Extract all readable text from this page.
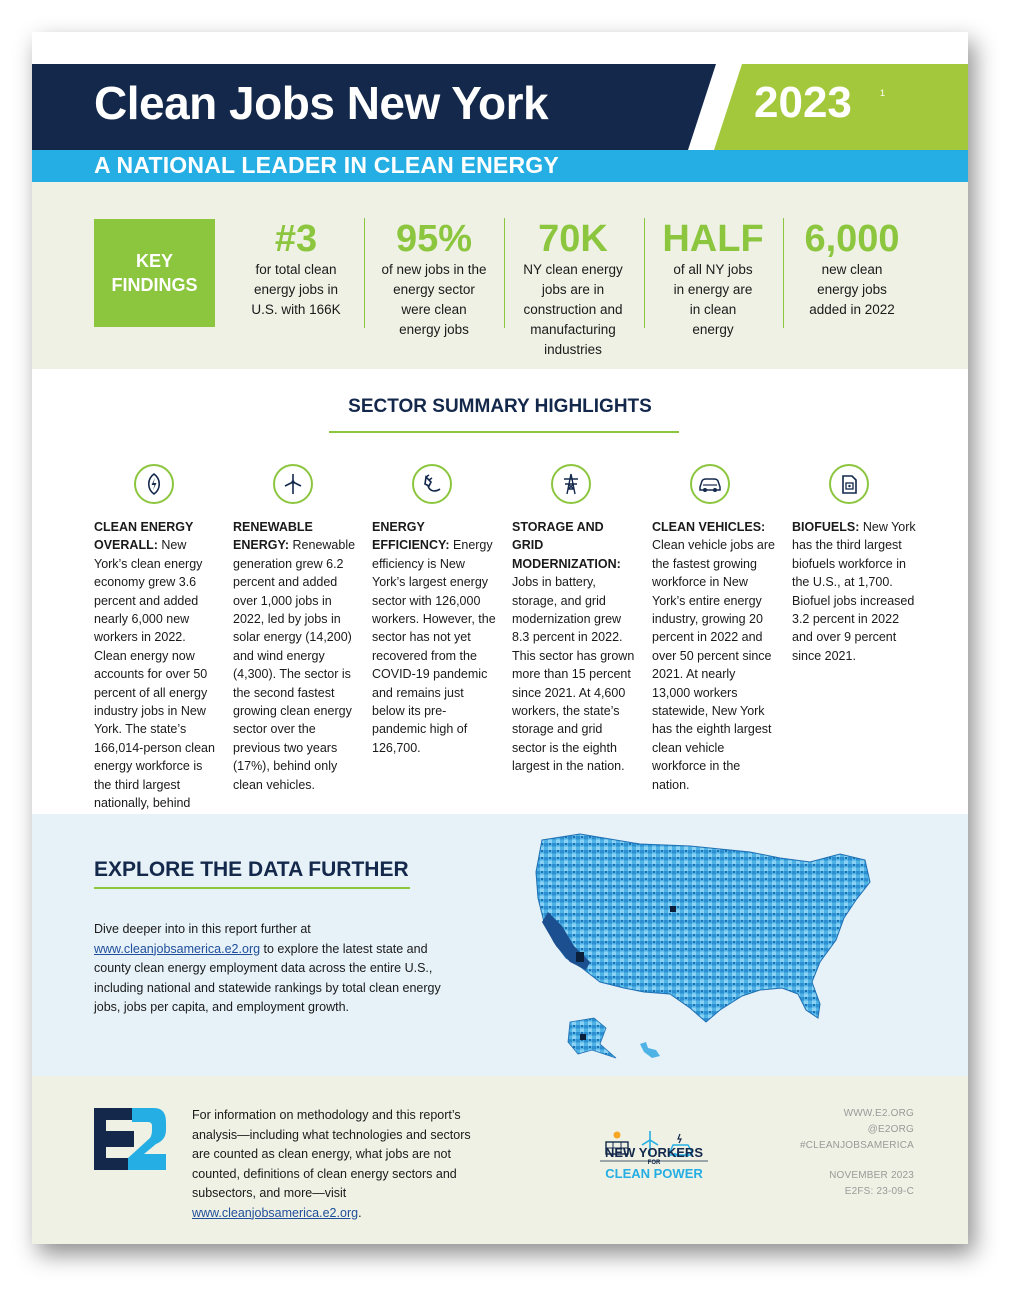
Clean Jobs New York	2023	1
A NATIONAL LEADER IN CLEAN ENERGY
KEY
FINDINGS
#3
for total clean energy jobs in U.S. with 166K
95%
of new jobs in the energy sector were clean energy jobs
70K
NY clean energy jobs are in construction and manufacturing industries
HALF
of all NY jobs in energy are in clean energy
6,000
new clean energy jobs added in 2022
SECTOR SUMMARY HIGHLIGHTS
CLEAN ENERGY OVERALL: New York’s clean energy economy grew 3.6 percent and added nearly 6,000 new workers in 2022. Clean energy now accounts for over 50 percent of all energy industry jobs in New York. The state’s 166,014-person clean energy workforce is the third largest nationally, behind
RENEWABLE ENERGY: Renewable generation grew 6.2 percent and added over 1,000 jobs in 2022, led by jobs in solar energy (14,200) and wind energy (4,300). The sector is the second fastest growing clean energy sector over the previous two years (17%), behind only clean vehicles.
ENERGY EFFICIENCY: Energy efficiency is New York’s largest energy sector with 126,000 workers. However, the sector has not yet recovered from the COVID-19 pandemic and remains just below its pre-pandemic high of 126,700.
STORAGE AND GRID MODERNIZATION: Jobs in battery, storage, and grid modernization grew 8.3 percent in 2022. This sector has grown more than 15 percent since 2021. At 4,600 workers, the state’s storage and grid sector is the eighth largest in the nation.
CLEAN VEHICLES: Clean vehicle jobs are the fastest growing workforce in New York’s entire energy industry, growing 20 percent in 2022 and over 50 percent since 2021. At nearly 13,000 workers statewide, New York has the eighth largest clean vehicle workforce in the nation.
BIOFUELS: New York has the third largest biofuels workforce in the U.S., at 1,700. Biofuel jobs increased 3.2 percent in 2022 and over 9 percent since 2021.
EXPLORE THE DATA FURTHER
Dive deeper into in this report further at www.cleanjobsamerica.e2.org to explore the latest state and county clean energy employment data across the entire U.S., including national and statewide rankings by total clean energy jobs, jobs per capita, and employment growth.
For information on methodology and this report’s analysis—including what technologies and sectors are counted as clean energy, what jobs are not counted, definitions of clean energy sectors and subsectors, and more—visit www.cleanjobsamerica.e2.org.
NEW YORKERS
FOR
CLEAN POWER
WWW.E2.ORG
@E2ORG
#CLEANJOBSAMERICA
NOVEMBER 2023
E2FS: 23-09-C
